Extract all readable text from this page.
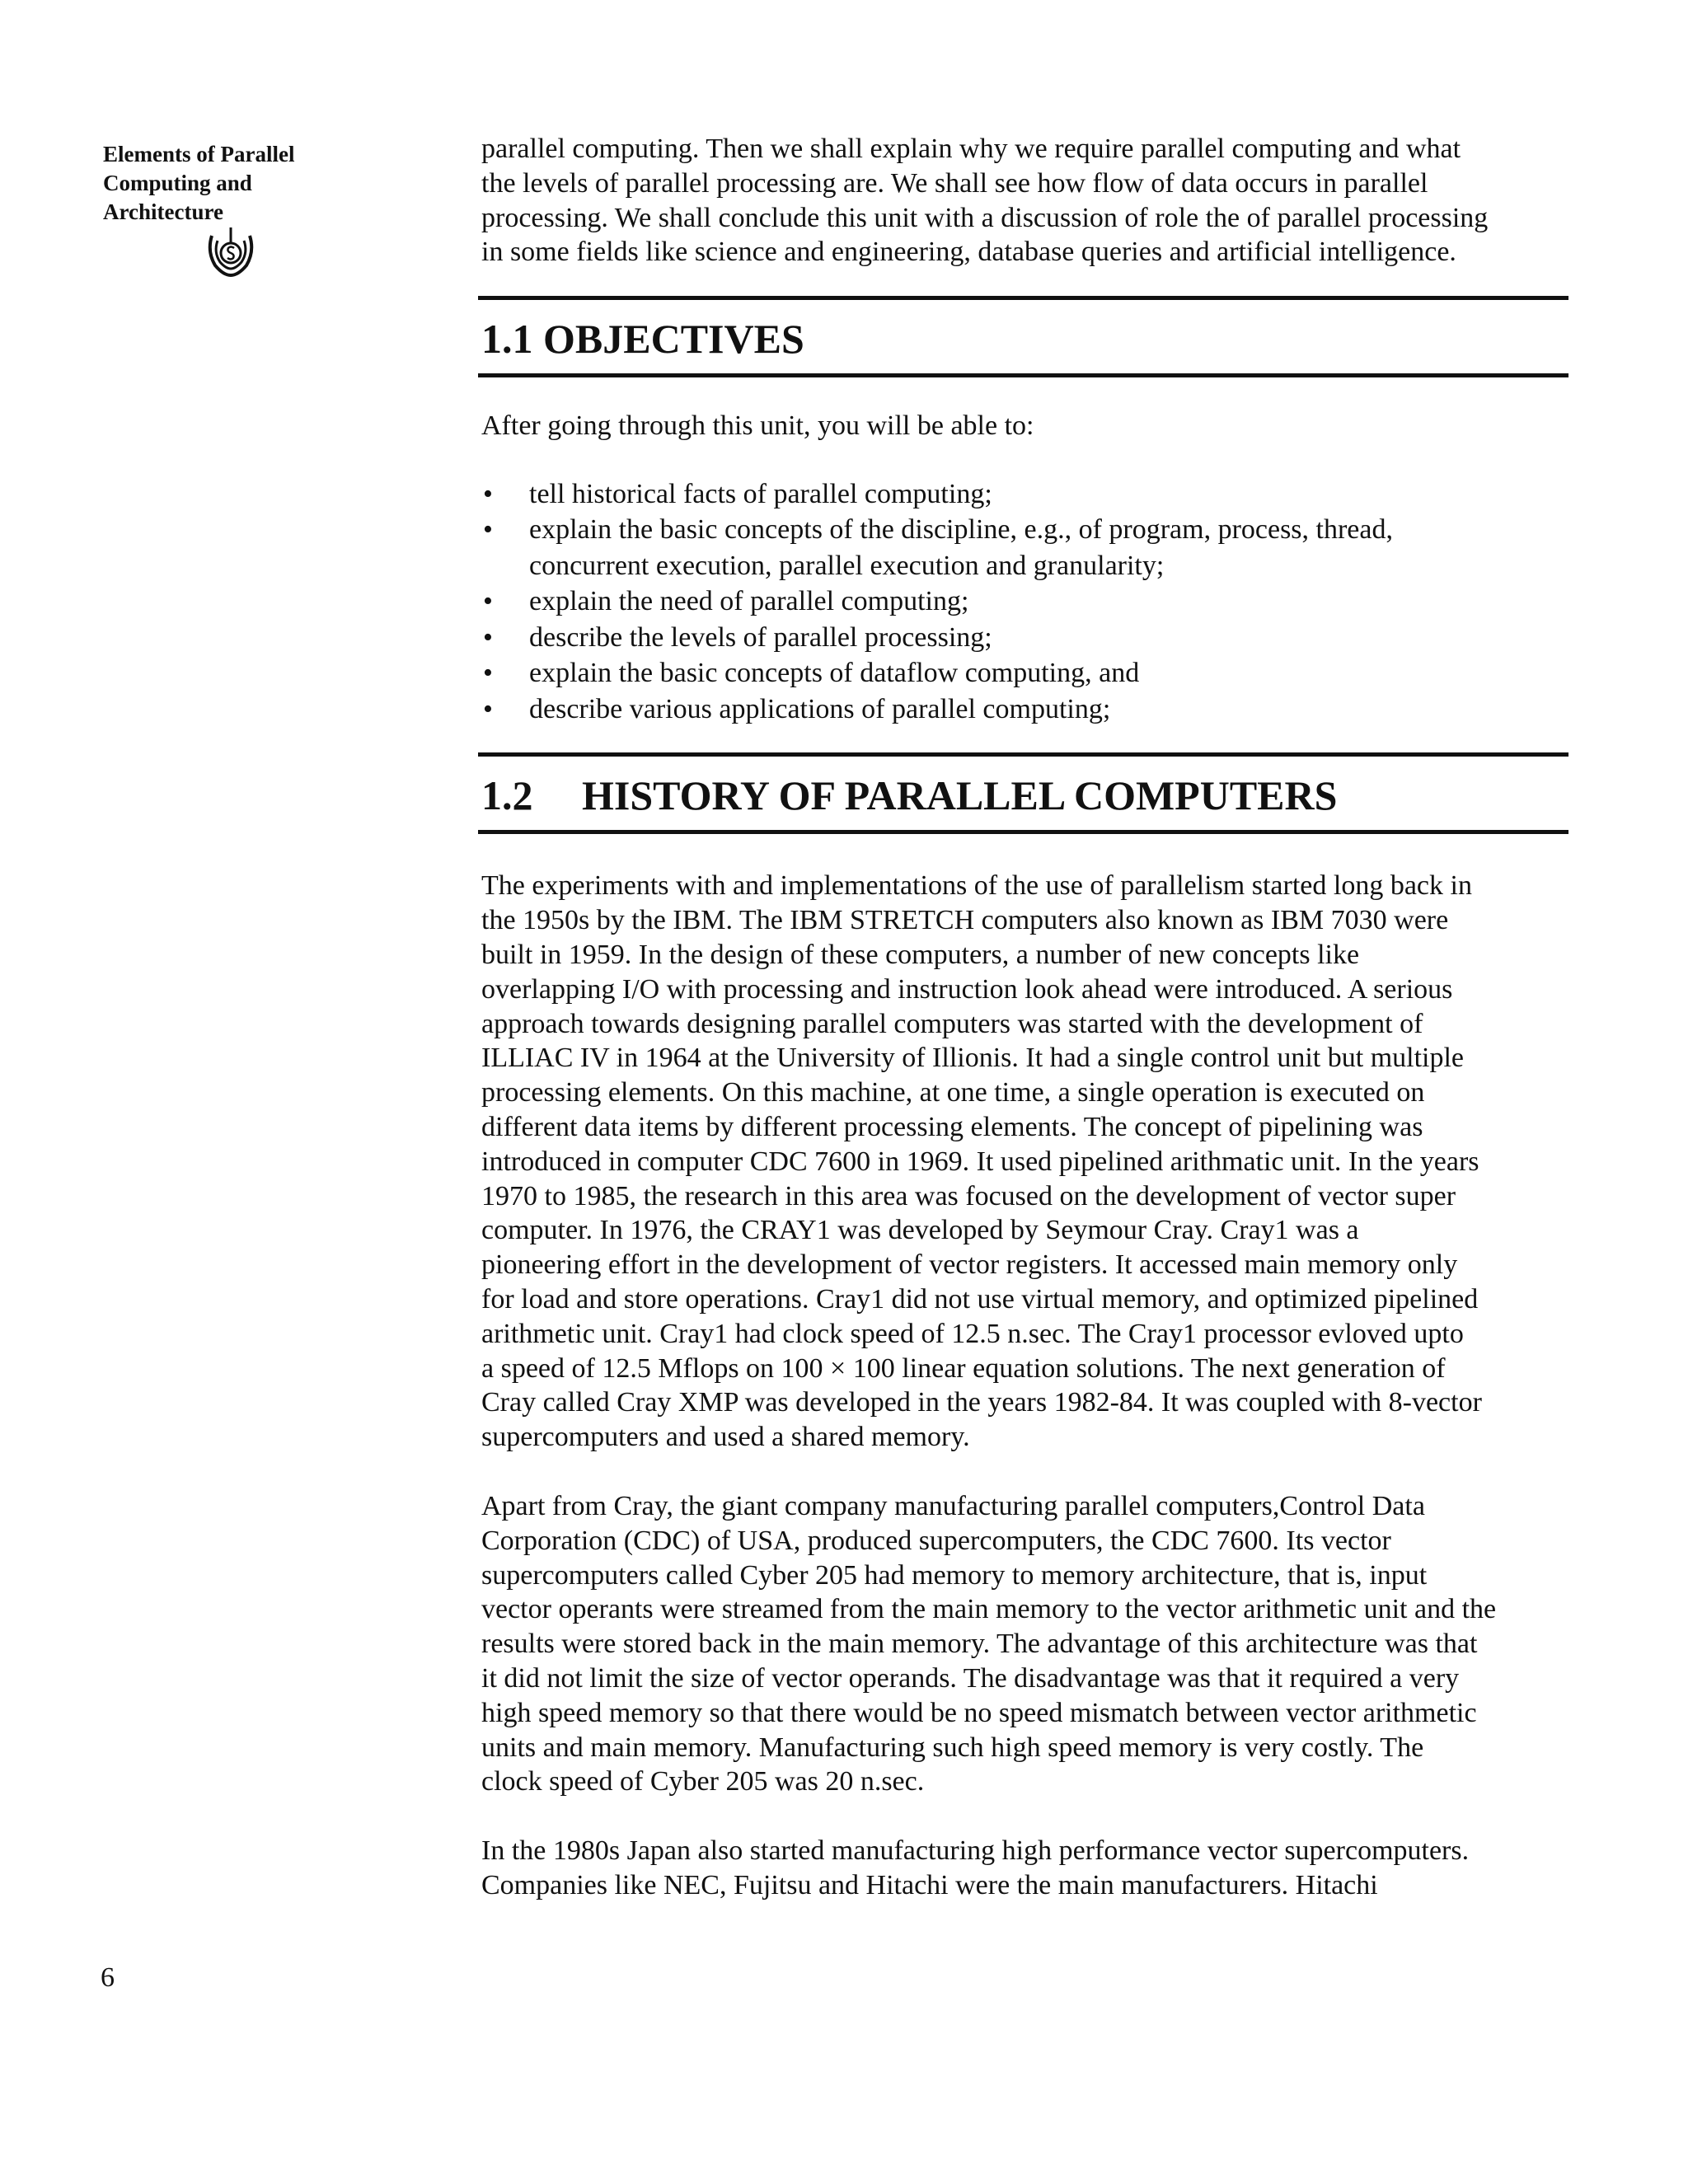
Elements of Parallel
Computing and
Architecture
6
parallel computing. Then we shall explain why we require parallel computing and what
the levels of parallel processing are. We shall see how flow of data occurs in parallel
processing. We shall conclude this unit with a discussion of role the of parallel processing
in some fields like science and engineering, database queries and artificial intelligence.
1.1 OBJECTIVES
After going through this unit, you will be able to:
• tell historical facts of parallel computing;
• explain the basic concepts of the discipline, e.g., of program, process, thread,
concurrent execution, parallel execution and granularity;
• explain the need of parallel computing;
• describe the levels of parallel processing;
• explain the basic concepts of dataflow computing, and
• describe various applications of parallel computing;
1.2 HISTORY OF PARALLEL COMPUTERS
The experiments with and implementations of the use of parallelism started long back in
the 1950s by the IBM. The IBM STRETCH computers also known as IBM 7030 were
built in 1959. In the design of these computers, a number of new concepts like
overlapping I/O with processing and instruction look ahead were introduced. A serious
approach towards designing parallel computers was started with the development of
ILLIAC IV in 1964 at the University of Illionis. It had a single control unit but multiple
processing elements. On this machine, at one time, a single operation is executed on
different data items by different processing elements. The concept of pipelining was
introduced in computer CDC 7600 in 1969. It used pipelined arithmatic unit. In the years
1970 to 1985, the research in this area was focused on the development of vector super
computer. In 1976, the CRAY1 was developed by Seymour Cray. Cray1 was a
pioneering effort in the development of vector registers. It accessed main memory only
for load and store operations. Cray1 did not use virtual memory, and optimized pipelined
arithmetic unit. Cray1 had clock speed of 12.5 n.sec. The Cray1 processor evloved upto
a speed of 12.5 Mflops on 100 × 100 linear equation solutions. The next generation of
Cray called Cray XMP was developed in the years 1982-84. It was coupled with 8-vector
supercomputers and used a shared memory.
Apart from Cray, the giant company manufacturing parallel computers,Control Data
Corporation (CDC) of USA, produced supercomputers, the CDC 7600. Its vector
supercomputers called Cyber 205 had memory to memory architecture, that is, input
vector operants were streamed from the main memory to the vector arithmetic unit and the
results were stored back in the main memory. The advantage of this architecture was that
it did not limit the size of vector operands. The disadvantage was that it required a very
high speed memory so that there would be no speed mismatch between vector arithmetic
units and main memory. Manufacturing such high speed memory is very costly. The
clock speed of Cyber 205 was 20 n.sec.
In the 1980s Japan also started manufacturing high performance vector supercomputers.
Companies like NEC, Fujitsu and Hitachi were the main manufacturers. Hitachi
